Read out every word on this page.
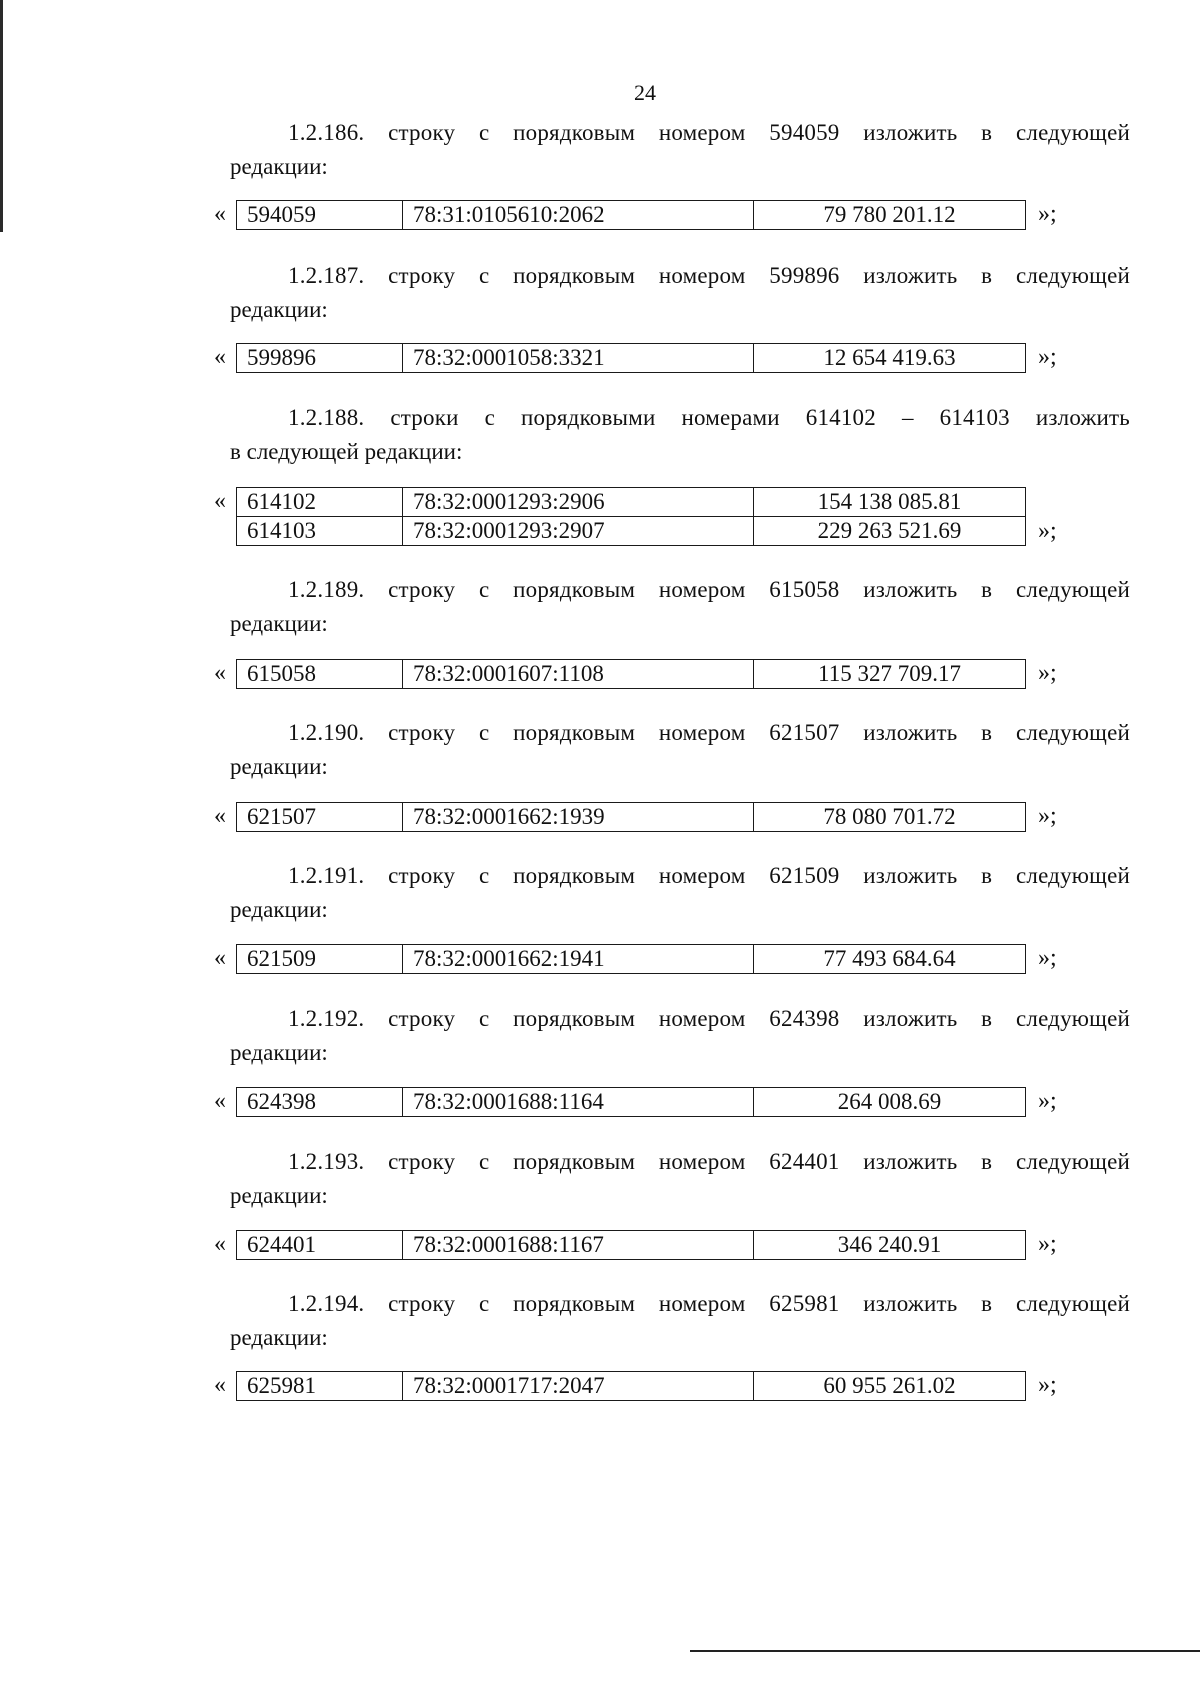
24
1.2.186. строку с порядковым номером 594059 изложить в следующей
редакции:
« 594059	78:31:0105610:2062	79 780 201.12	»;
1.2.187. строку с порядковым номером 599896 изложить в следующей
редакции:
« 599896	78:32:0001058:3321	12 654 419.63	»;
1.2.188. строки с порядковыми номерами 614102 – 614103 изложить
в следующей редакции:
« 614102	78:32:0001293:2906	154 138 085.81
614103	78:32:0001293:2907	229 263 521.69	»;
1.2.189. строку с порядковым номером 615058 изложить в следующей
редакции:
« 615058	78:32:0001607:1108	115 327 709.17	»;
1.2.190. строку с порядковым номером 621507 изложить в следующей
редакции:
« 621507	78:32:0001662:1939	78 080 701.72	»;
1.2.191. строку с порядковым номером 621509 изложить в следующей
редакции:
« 621509	78:32:0001662:1941	77 493 684.64	»;
1.2.192. строку с порядковым номером 624398 изложить в следующей
редакции:
« 624398	78:32:0001688:1164	264 008.69	»;
1.2.193. строку с порядковым номером 624401 изложить в следующей
редакции:
« 624401	78:32:0001688:1167	346 240.91	»;
1.2.194. строку с порядковым номером 625981 изложить в следующей
редакции:
« 625981	78:32:0001717:2047	60 955 261.02	»;
